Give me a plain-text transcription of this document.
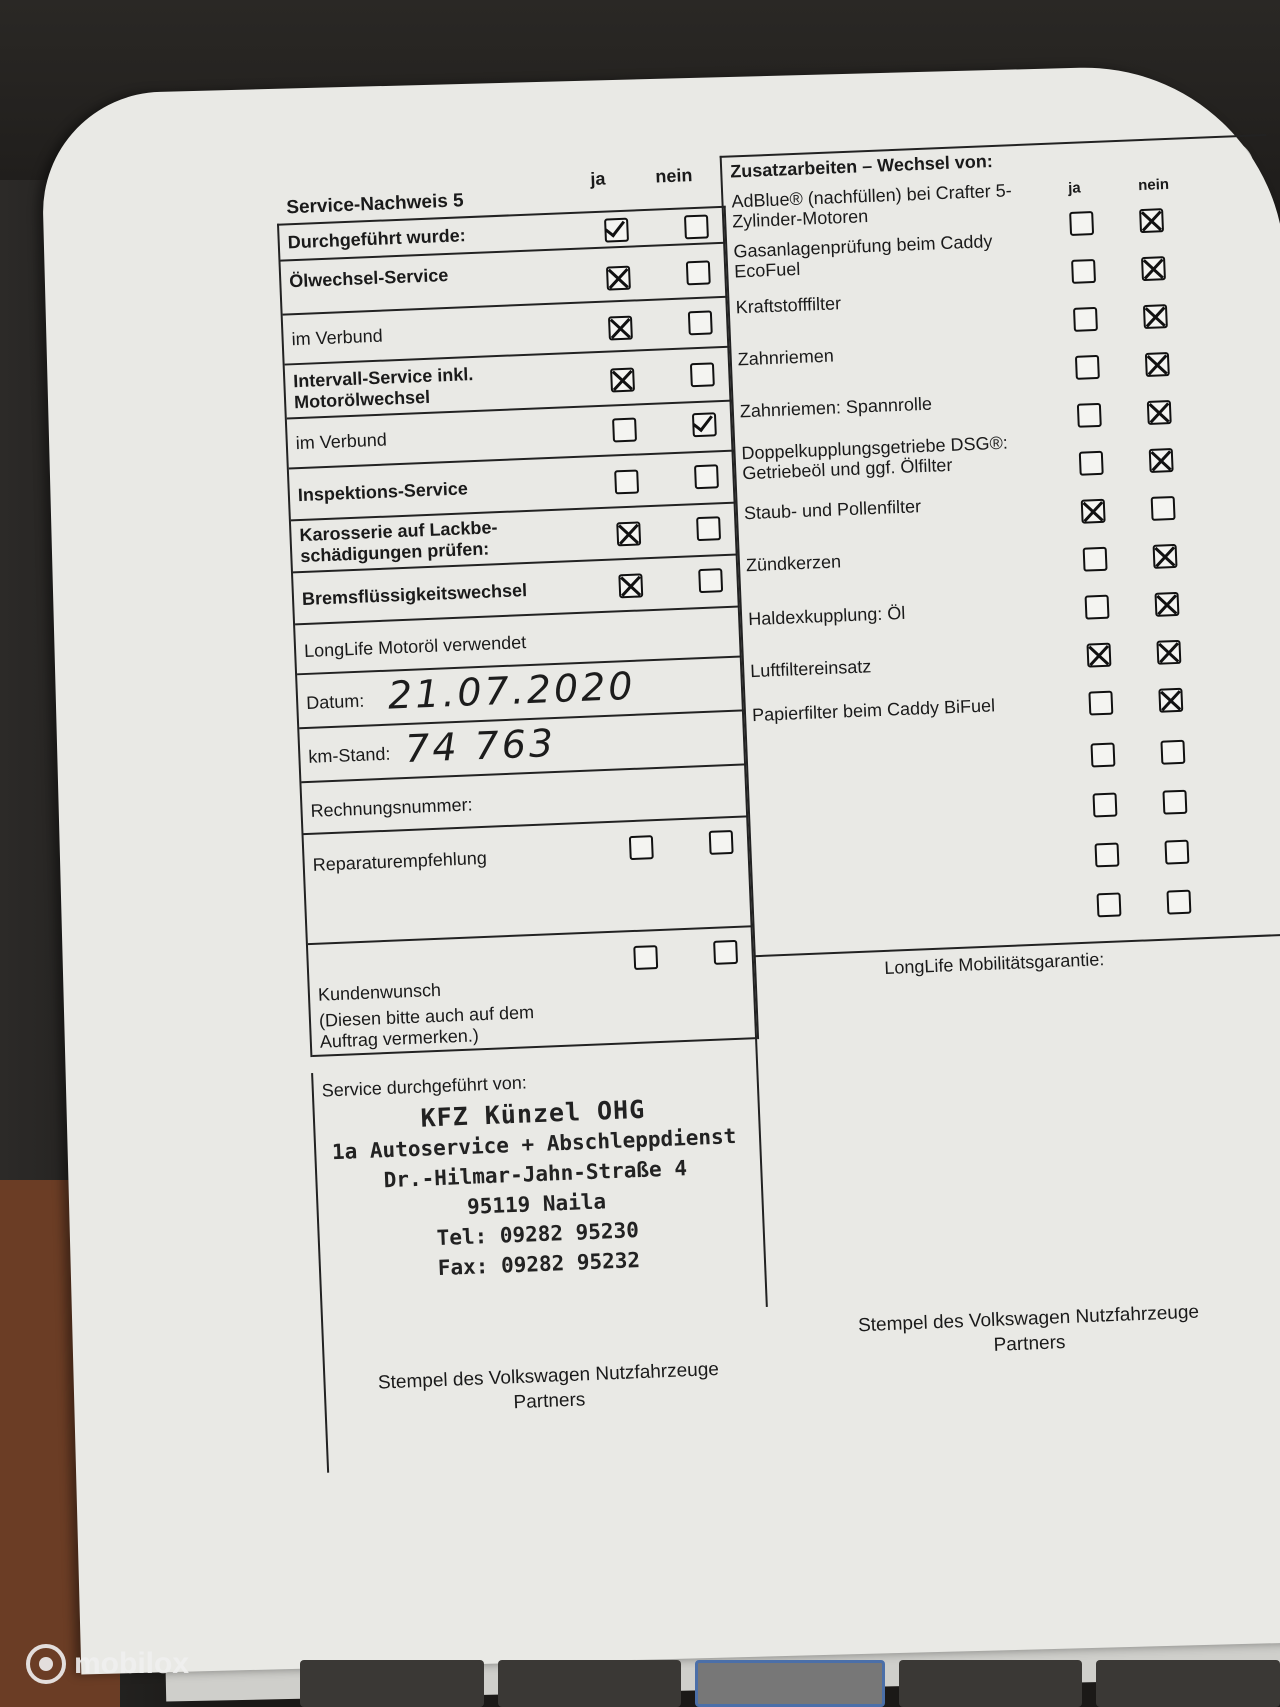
Service-Nachweis 5
ja	nein
Durchgeführt wurde:
Ölwechsel-Service
im Verbund
Intervall-Service inkl. Motorölwechsel
im Verbund
Inspektions-Service
Karosserie auf Lackbe-schädigungen prüfen:
Bremsflüssigkeitswechsel
LongLife Motoröl verwendet
Datum: 21.07.2020
km-Stand: 74 763
Rechnungsnummer:
Reparaturempfehlung
Kundenwunsch
(Diesen bitte auch auf dem Auftrag vermerken.)
Service durchgeführt von:
KFZ Künzel OHG
1a Autoservice + Abschleppdienst
Dr.-Hilmar-Jahn-Straße 4
95119 Naila
Tel: 09282 95230
Fax: 09282 95232
Stempel des Volkswagen Nutzfahrzeuge Partners
Zusatzarbeiten – Wechsel von:
ja	nein
AdBlue® (nachfüllen) bei Crafter 5-Zylinder-Motoren
Gasanlagenprüfung beim Caddy EcoFuel
Kraftstofffilter
Zahnriemen
Zahnriemen: Spannrolle
Doppelkupplungsgetriebe DSG®: Getriebeöl und ggf. Ölfilter
Staub- und Pollenfilter
Zündkerzen
Haldexkupplung: Öl
Luftfiltereinsatz
Papierfilter beim Caddy BiFuel
LongLife Mobilitätsgarantie:
Stempel des Volkswagen Nutzfahrzeuge Partners
mobilox
